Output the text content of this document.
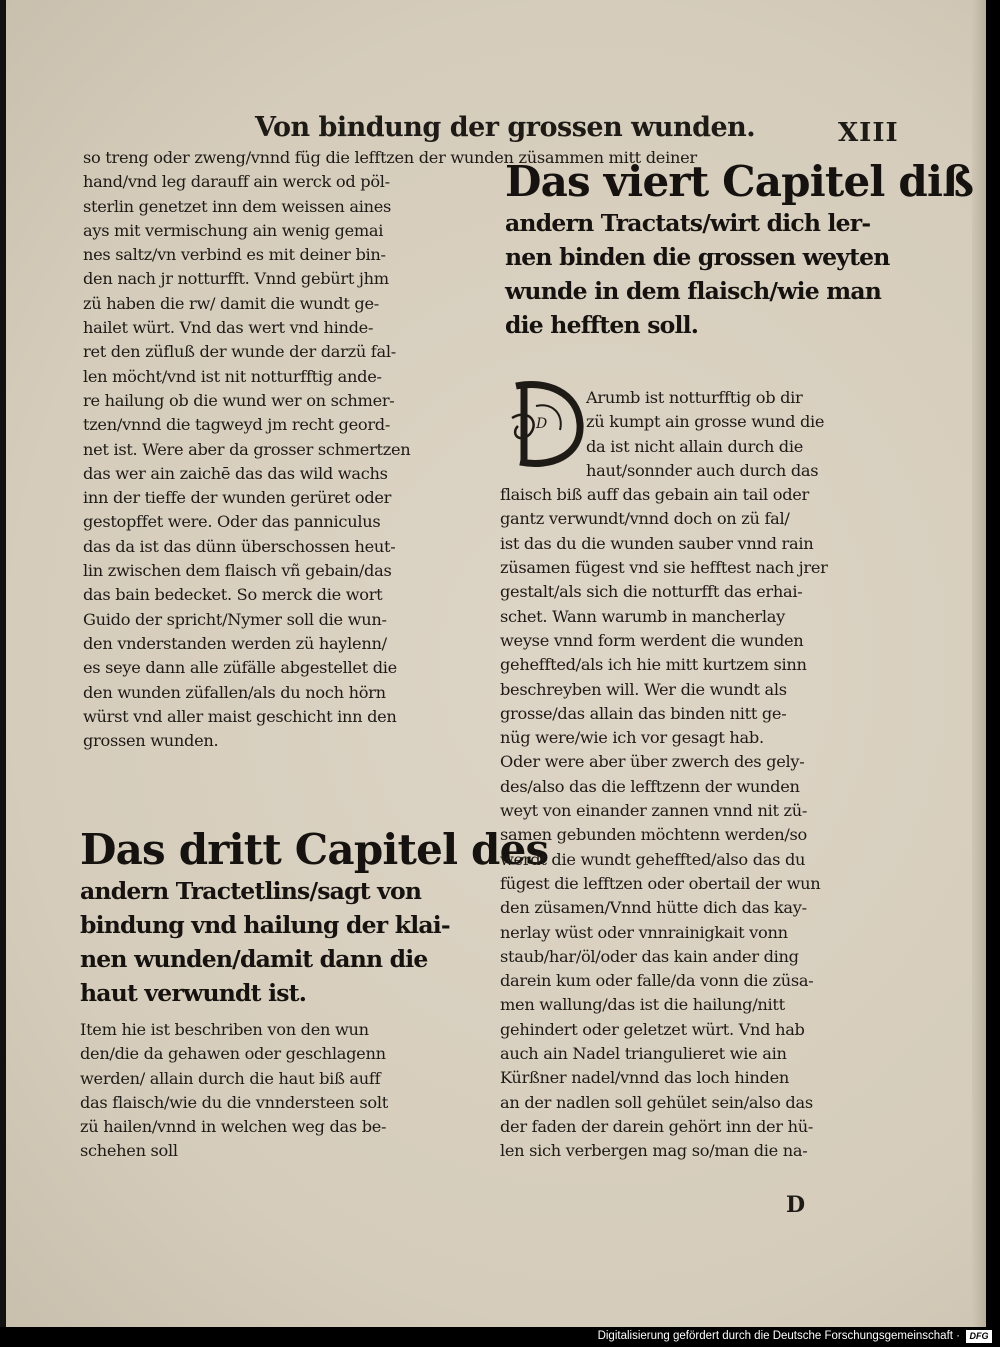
Von bindung der grossen wunden.	XIII
so treng oder zweng/vnnd füg die lefftzen der wunden züsammen mitt deiner
hand/vnd leg darauff ain werck od pöl-
sterlin genetzet inn dem weissen aines
ays mit vermischung ain wenig gemai
nes saltz/vn verbind es mit deiner bin-
den nach jr notturfft. Vnnd gebürt jhm
zü haben die rw/ damit die wundt ge-
hailet würt. Vnd das wert vnd hinde-
ret den züfluß der wunde der darzü fal-
len möcht/vnd ist nit notturfftig ande-
re hailung ob die wund wer on schmer-
tzen/vnnd die tagweyd jm recht geord-
net ist. Were aber da grosser schmertzen
das wer ain zaichē das das wild wachs
inn der tieffe der wunden gerüret oder
gestopffet were. Oder das panniculus
das da ist das dünn überschossen heut-
lin zwischen dem flaisch vñ gebain/das
das bain bedecket. So merck die wort
Guido der spricht/Nymer soll die wun-
den vnderstanden werden zü haylenn/
es seye dann alle züfälle abgestellet die
den wunden züfallen/als du noch hörn
würst vnd aller maist geschicht inn den
grossen wunden.
Das dritt Capitel des
andern Tractetlins/sagt von
bindung vnd hailung der klai-
nen wunden/damit dann die
haut verwundt ist.
Item hie ist beschriben von den wun
den/die da gehawen oder geschlagenn
werden/ allain durch die haut biß auff
das flaisch/wie du die vnndersteen solt
zü hailen/vnnd in welchen weg das be-
schehen soll
Das viert Capitel diß
andern Tractats/wirt dich ler-
nen binden die grossen weyten
wunde in dem flaisch/wie man
die hefften soll.
D
Arumb ist notturfftig ob dir
zü kumpt ain grosse wund die
da ist nicht allain durch die
haut/sonnder auch durch das
flaisch biß auff das gebain ain tail oder
gantz verwundt/vnnd doch on zü fal/
ist das du die wunden sauber vnnd rain
züsamen fügest vnd sie hefftest nach jrer
gestalt/als sich die notturfft das erhai-
schet. Wann warumb in mancherlay
weyse vnnd form werdent die wunden
geheffted/als ich hie mitt kurtzem sinn
beschreyben will. Wer die wundt als
grosse/das allain das binden nitt ge-
nüg were/wie ich vor gesagt hab.
Oder were aber über zwerch des gely-
des/also das die lefftzenn der wunden
weyt von einander zannen vnnd nit zü-
samen gebunden möchtenn werden/so
werdt die wundt geheffted/also das du
fügest die lefftzen oder obertail der wun
den züsamen/Vnnd hütte dich das kay-
nerlay wüst oder vnnrainigkait vonn
staub/har/öl/oder das kain ander ding
darein kum oder falle/da vonn die züsa-
men wallung/das ist die hailung/nitt
gehindert oder geletzet würt. Vnd hab
auch ain Nadel triangulieret wie ain
Kürßner nadel/vnnd das loch hinden
an der nadlen soll gehület sein/also das
der faden der darein gehört inn der hü-
len sich verbergen mag so/man die na-
D
Digitalisierung gefördert durch die Deutsche Forschungsgemeinschaft ·	DFG
